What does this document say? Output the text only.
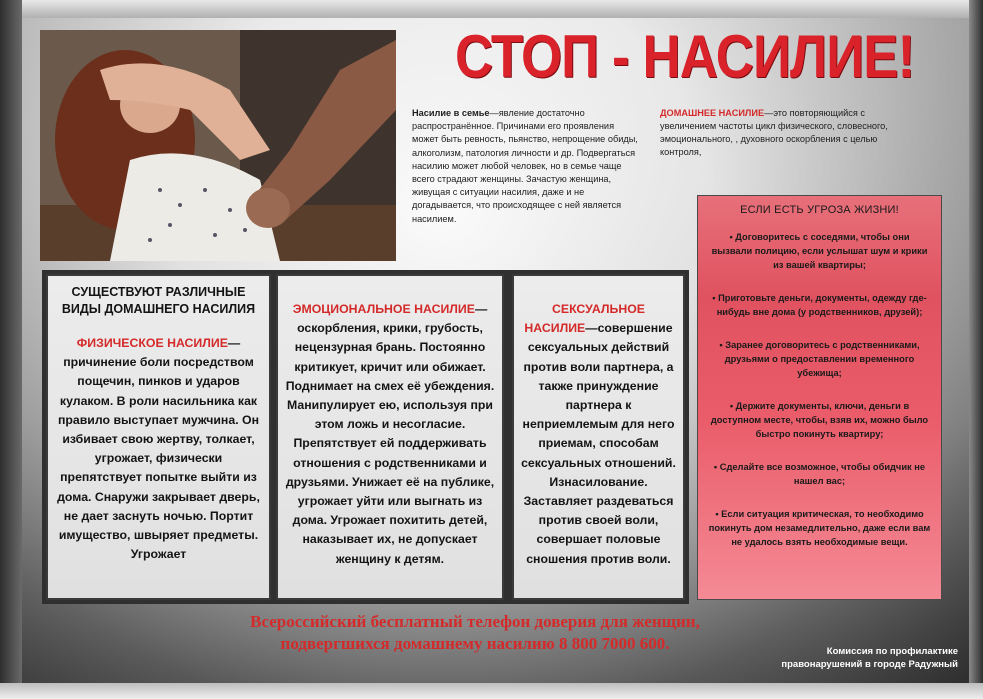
СТОП - НАСИЛИЕ!
Насилие в семье—явление достаточно распространённое. Причинами его проявления может быть ревность, пьянство, непрощение обиды, алкоголизм, патология личности и др. Подвергаться насилию может любой человек, но в семье чаще всего страдают женщины. Зачастую женщина, живущая с ситуации насилия, даже и не догадывается, что происходящее с ней является насилием.
ДОМАШНЕЕ НАСИЛИЕ—это повторяющийся с увеличением частоты цикл физического, словесного, эмоционального, , духовного оскорбления с целью контроля,
ЕСЛИ ЕСТЬ УГРОЗА ЖИЗНИ!
• Договоритесь с соседями, чтобы они вызвали полицию, если услышат шум и крики из вашей квартиры;
• Приготовьте деньги, документы, одежду где-нибудь вне дома (у родственников, друзей);
• Заранее договоритесь с родственниками, друзьями о предоставлении временного убежища;
• Держите документы, ключи, деньги в доступном месте, чтобы, взяв их, можно было быстро покинуть квартиру;
• Сделайте все возможное, чтобы обидчик не нашел вас;
• Если ситуация критическая, то необходимо покинуть дом незамедлительно, даже если вам не удалось взять необходимые вещи.
СУЩЕСТВУЮТ РАЗЛИЧНЫЕ ВИДЫ ДОМАШНЕГО НАСИЛИЯ
ФИЗИЧЕСКОЕ НАСИЛИЕ— причинение боли посредством пощечин, пинков и ударов кулаком. В роли насильника как правило выступает мужчина. Он избивает свою жертву, толкает, угрожает, физически препятствует попытке выйти из дома. Снаружи закрывает дверь, не дает заснуть ночью. Портит имущество, швыряет предметы. Угрожает
ЭМОЦИОНАЛЬНОЕ НАСИЛИЕ— оскорбления, крики, грубость, нецензурная брань. Постоянно критикует, кричит или обижает. Поднимает на смех её убеждения. Манипулирует ею, используя при этом ложь и несогласие. Препятствует ей поддерживать отношения с родственниками и друзьями. Унижает её на публике, угрожает уйти или выгнать из дома. Угрожает похитить детей, наказывает их, не допускает женщину к детям.
СЕКСУАЛЬНОЕ НАСИЛИЕ—совершение сексуальных действий против воли партнера, а также принуждение партнера к неприемлемым для него приемам, способам сексуальных отношений. Изнасилование. Заставляет раздеваться против своей воли, совершает половые сношения против воли.
Всероссийский бесплатный телефон доверия для женщин,
подвергшихся домашнему насилию 8 800 7000 600.	Комиссия по профилактике
правонарушений в городе Радужный
